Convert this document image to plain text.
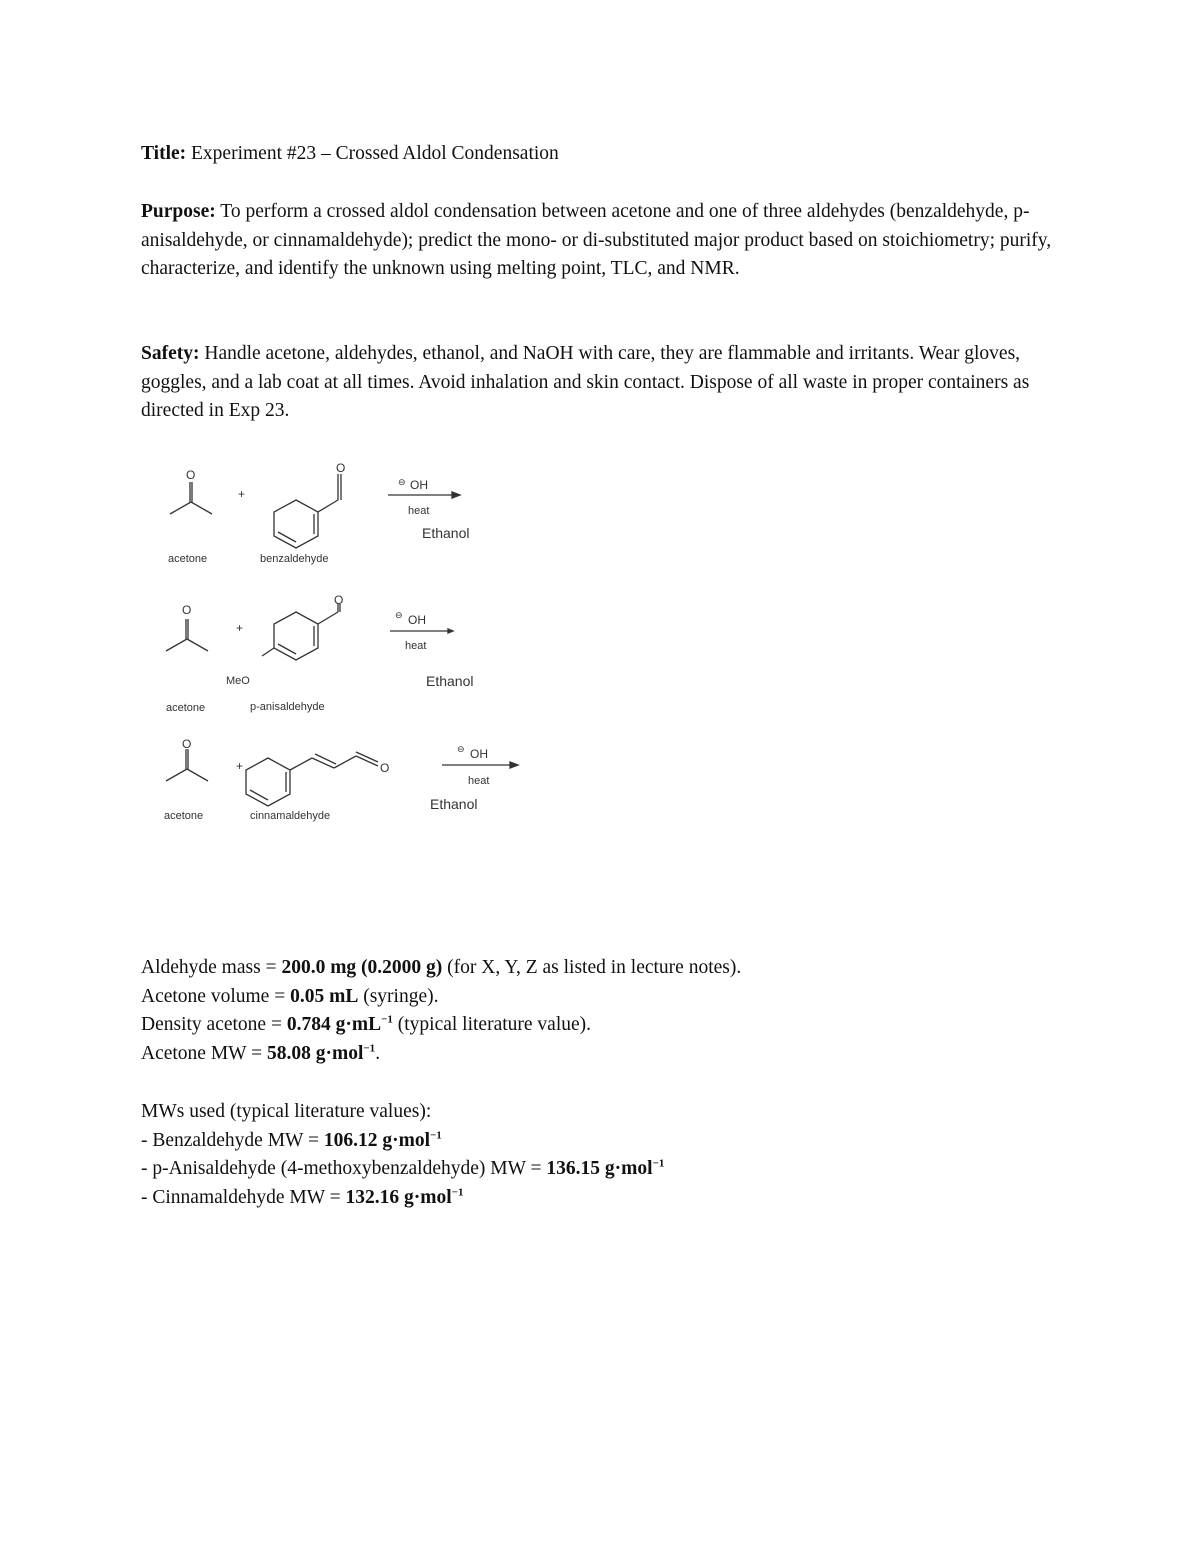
Title: Experiment #23 – Crossed Aldol Condensation

Purpose: To perform a crossed aldol condensation between acetone and one of three aldehydes (benzaldehyde, p-anisaldehyde, or cinnamaldehyde); predict the mono- or di-substituted major product based on stoichiometry; purify, characterize, and identify the unknown using melting point, TLC, and NMR.

Safety: Handle acetone, aldehydes, ethanol, and NaOH with care, they are flammable and irritants. Wear gloves, goggles, and a lab coat at all times. Avoid inhalation and skin contact. Dispose of all waste in proper containers as directed in Exp 23.

O	O
+
acetone	benzaldehyde
⊖ OH
heat
Ethanol
O
O
+
MeO
acetone	p-anisaldehyde
⊖ OH
heat
Ethanol
O
O
+
acetone	cinnamaldehyde
⊖ OH
heat
Ethanol
Aldehyde mass = 200.0 mg (0.2000 g) (for X, Y, Z as listed in lecture notes).
Acetone volume = 0.05 mL (syringe).
Density acetone = 0.784 $g\cdot mL^{-1}$ (typical literature value).
Acetone MW = 58.08 g·mol$^{-1}$.
MWs used (typical literature values):
- Benzaldehyde MW = 106.12 g·mol$^{-1}$
- p-Anisaldehyde (4-methoxybenzaldehyde) MW = 136.15 g·mol$^{-1}$
- Cinnamaldehyde MW = 132.16 g·mol$^{-1}$
